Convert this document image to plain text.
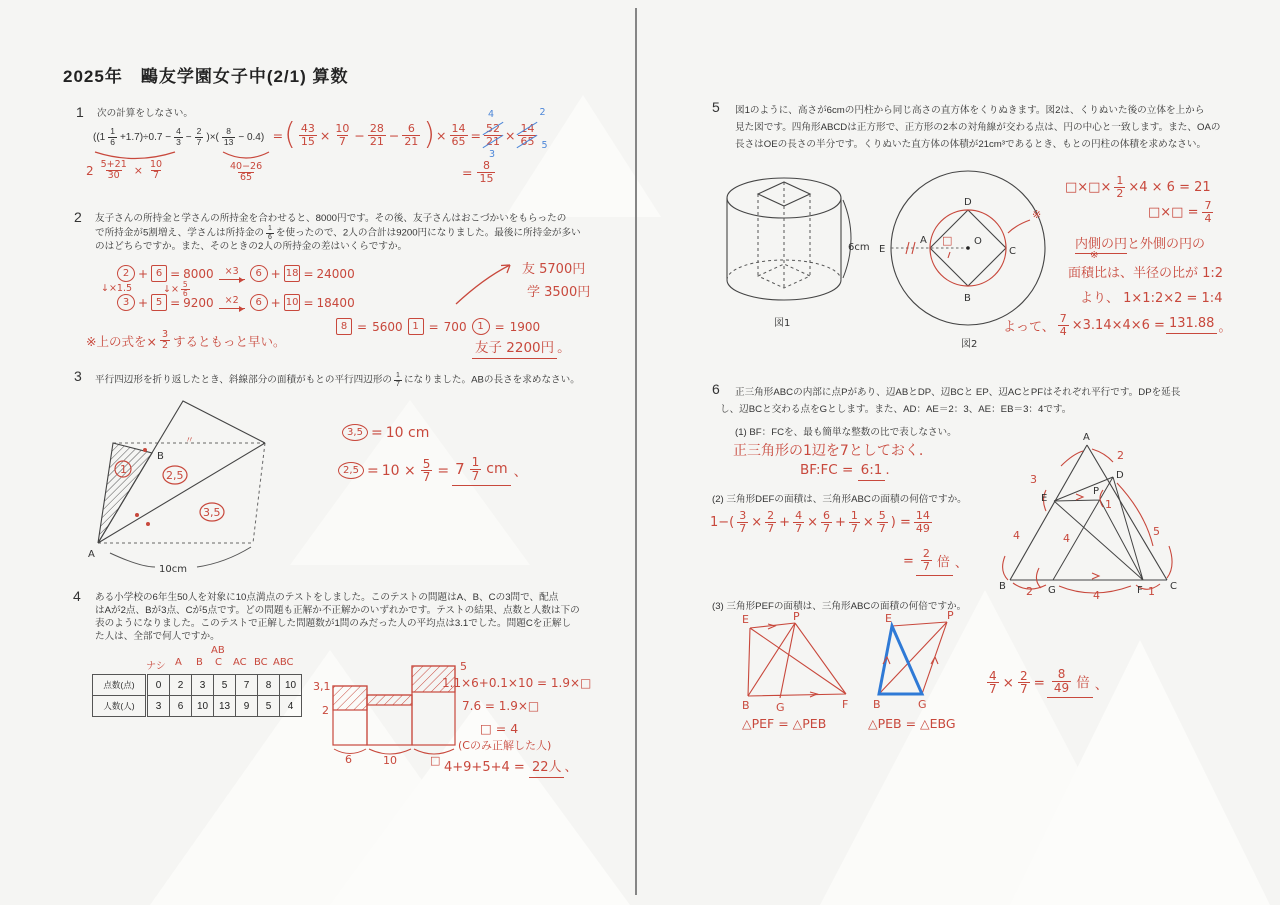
2025年　鷗友学園女子中(2/1) 算数
1 次の計算をしなさい。
((1
1
$6 +1.7)\div 0.7 - \frac{4}{3} - \frac{2}{7}$ )×(
8
13 − 0.4)
= ( $\frac{43}{15} \times \frac{10}{7} - \frac{28}{21} - \frac{6}{21}$ ) × $\frac{14}{65}$ =
4
52
21
3
×
2
14
65 5
= $\frac{8}{15}$
$2 \frac{5+21}{30} \times \frac{10}{7}$	$\frac{40-26}{65}$
2 友子さんの所持金と学さんの所持金を合わせると、8000円です。その後、友子さんはおこづかいをもらったの
で所持金が5割増え、学さんは所持金の $\frac{1}{6}$ を使ったので、2人の合計は9200円になりました。最後に所持金が多い
のはどちらですか。また、そのときの2人の所持金の差はいくらですか。
2 + 6 = 8000 ×3	6 + 18 = 24000
↓×1.5	↓× $\frac{5}{6}$
3 + 5 = 9200 ×2	6 + 10 = 18400
8 = 5600 1 = 700	1 = 1900
友 5700円
学 3500円
※上の式を× $\frac{3}{2}$ するともっと早い。	友子 2200円 。
3 平行四辺形を折り返したとき、斜線部分の面積がもとの平行四辺形の $\frac{1}{7}$ になりました。ABの長さを求めなさい。
A
B
10cm
〃
1	2,5
3,5
3,5 = 10 cm
$2,5 = 10 \times \frac{5}{7} = 7$ 1
7 cm 、
4 ある小学校の6年生50人を対象に10点満点のテストをしました。このテストの問題はA、B、Cの3問で、配点
はAが2点、Bが3点、Cが5点です。どの問題も正解か不正解かのいずれかです。テストの結果、点数と人数は下の
表のようになりました。このテストで正解した問題数が1問のみだった人の平均点は3.1でした。問題Cを正解し
た人は、全部で何人ですか。
ナシ A B
AB
C AC BC ABC
点数(点)	0	2	3	5	7	8	10
人数(人)	3	6	10	13	9	5	4
3,1
2
5
6	10	□
1.1×6+0.1×10 = 1.9×□
7.6 = 1.9×□
□ = 4
(Cのみ正解した人)
4+9+5+4 = 22人 、
5 図1のように、高さが6cmの円柱から同じ高さの直方体をくりぬきます。図2は、くりぬいた後の立体を上から
見た図です。四角形ABCDは正方形で、正方形の2本の対角線が交わる点は、円の中心と一致します。また、OAの
長さはOEの長さの半分です。くりぬいた直方体の体積が21cm³であるとき、もとの円柱の体積を求めなさい。
6cm
図1
E
A
D
O
C
B
□
※
図2
□×□× $\frac{1}{2} \times 4 \times 6 = 21$
□×□ = $\frac{7}{4}$
内側の円と外側の円の
※
面積比は、半径の比が 1:2
より、 1×1:2×2 = 1:4
よって、 $\frac{7}{4} \times 3.14\times 4\times 6 = 131.88$ 。
6 正三角形ABCの内部に点Pがあり、辺ABとDP、辺BCと EP、辺ACとPFはそれぞれ平行です。DPを延長
し、辺BCと交わる点をGとします。また、AD：AE＝2：3、AE：EB＝3：4です。
(1) BF：FCを、最も簡単な整数の比で表しなさい。
正三角形の1辺を7としておく.
BF:FC = 6:1 .
A
B	C
D
E
P
G	F
3
2
4	5
4
2	4	1
1
(2) 三角形DEFの面積は、三角形ABCの面積の何倍ですか。
$1-( \frac{3}{7} \times \frac{2}{7} + \frac{4}{7} \times \frac{6}{7} + \frac{1}{7} \times \frac{5}{7}$ ) = $\frac{14}{49}$
=
2
7 倍 、
(3) 三角形PEFの面積は、三角形ABCの面積の何倍ですか。
E	P
B G	F
△PEF = △PEB
E	P
B	G
△PEB = △EBG
$\frac{4}{7} \times \frac{2}{7}$ =
8
49 倍 、
